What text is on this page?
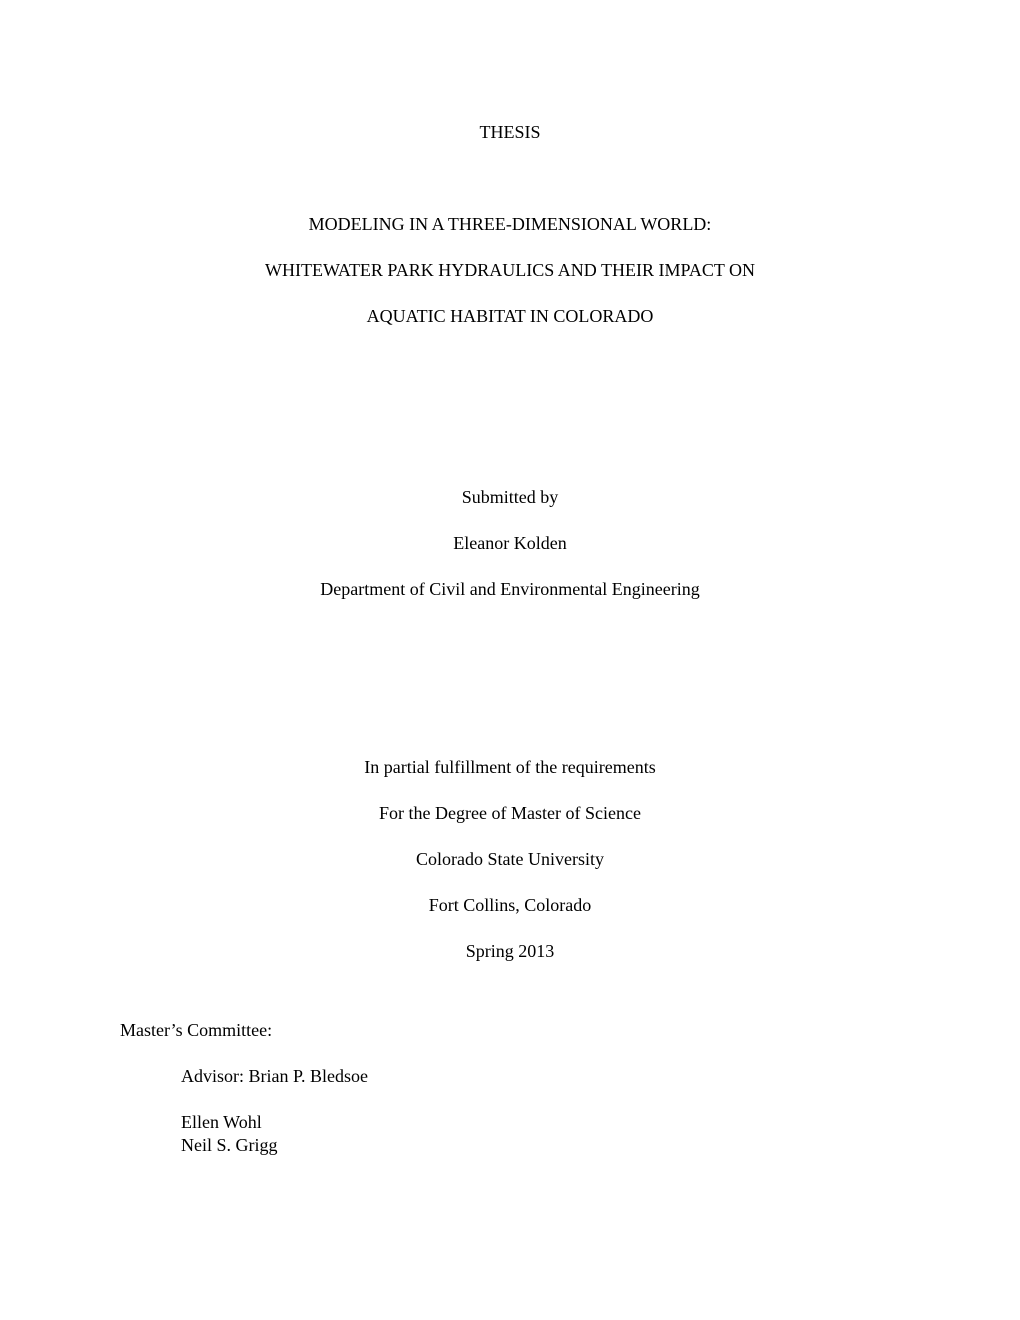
THESIS
MODELING IN A THREE-DIMENSIONAL WORLD:
WHITEWATER PARK HYDRAULICS AND THEIR IMPACT ON
AQUATIC HABITAT IN COLORADO
Submitted by
Eleanor Kolden
Department of Civil and Environmental Engineering
In partial fulfillment of the requirements
For the Degree of Master of Science
Colorado State University
Fort Collins, Colorado
Spring 2013
Master’s Committee:
Advisor: Brian P. Bledsoe
Ellen Wohl
Neil S. Grigg
